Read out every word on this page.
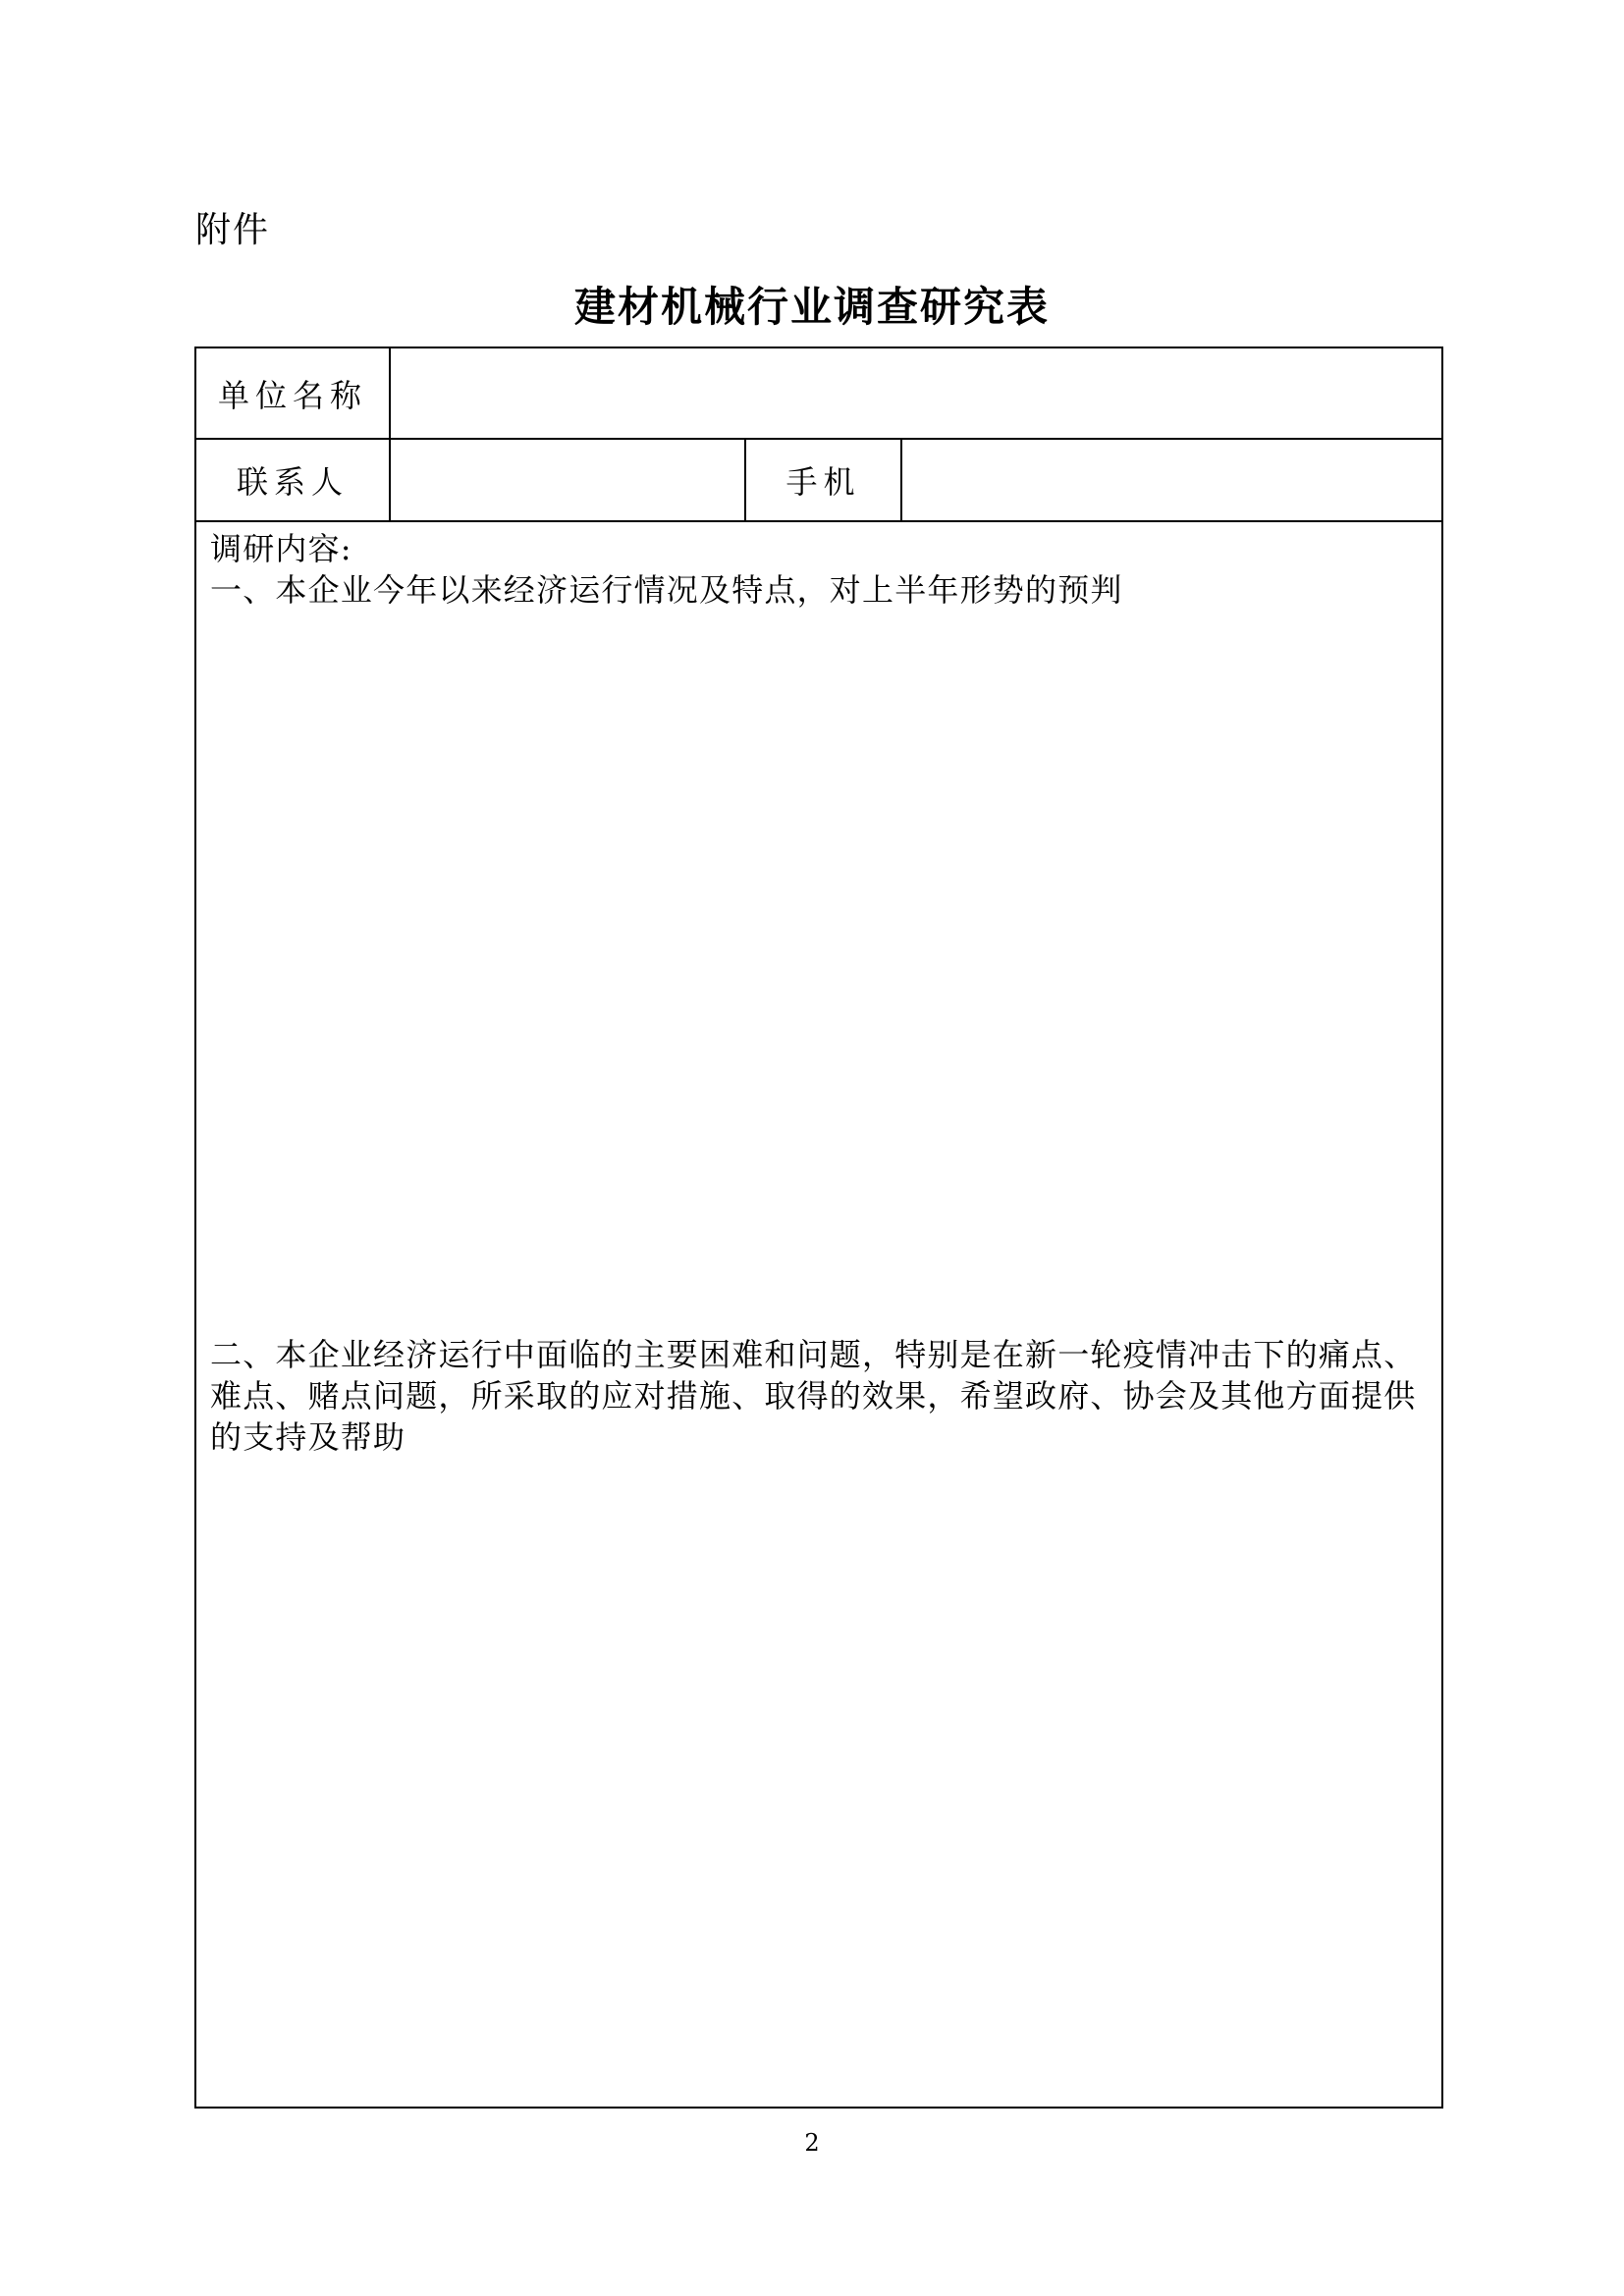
附件
建材机械行业调查研究表
单位名称			
联系人		手机	

调研内容:
一、本企业今年以来经济运行情况及特点，对上半年形势的预判
二、本企业经济运行中面临的主要困难和问题，特别是在新一轮疫情冲击下的痛点、难点、赌点问题，所采取的应对措施、取得的效果，希望政府、协会及其他方面提供的支持及帮助			
2
